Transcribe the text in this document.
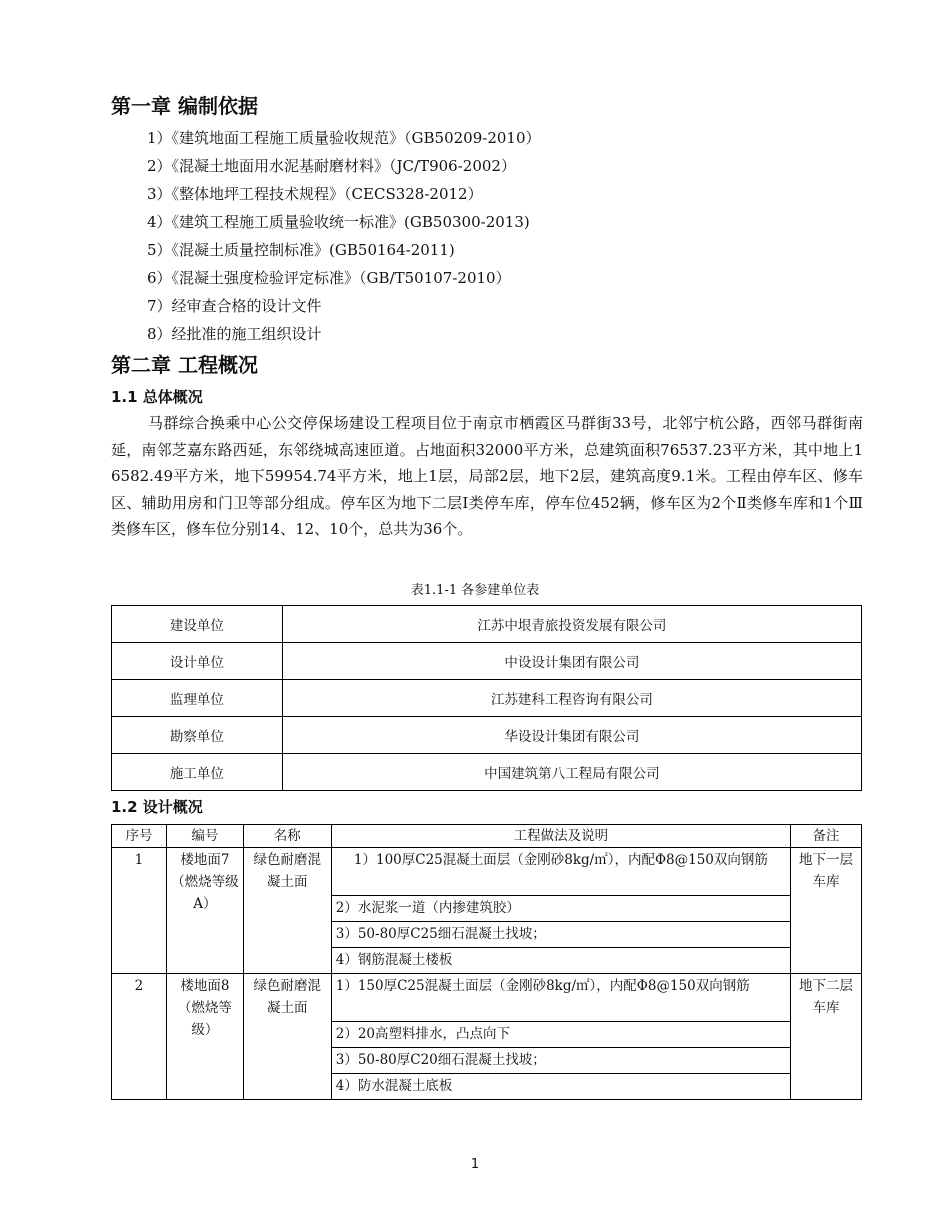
第一章 编制依据
1）《建筑地面工程施工质量验收规范》（GB50209-2010）
2）《混凝土地面用水泥基耐磨材料》（JC/T906-2002）
3）《整体地坪工程技术规程》（CECS328-2012）
4）《建筑工程施工质量验收统一标准》(GB50300-2013)
5）《混凝土质量控制标准》(GB50164-2011)
6）《混凝土强度检验评定标准》（GB/T50107-2010）
7）经审查合格的设计文件
8）经批准的施工组织设计
第二章 工程概况
1.1 总体概况

马群综合换乘中心公交停保场建设工程项目位于南京市栖霞区马群街33号，北邻宁杭公路，西邻马群街南延，南邻芝嘉东路西延，东邻绕城高速匝道。占地面积32000平方米，总建筑面积76537.23平方米，其中地上16582.49平方米，地下59954.74平方米，地上1层，局部2层，地下2层，建筑高度9.1米。工程由停车区、修车区、辅助用房和门卫等部分组成。停车区为地下二层Ⅰ类停车库，停车位452辆，修车区为2个Ⅱ类修车库和1个Ⅲ类修车区，修车位分别14、12、10个，总共为36个。

表1.1-1 各参建单位表
建设单位	江苏中垠青旅投资发展有限公司
设计单位	中设设计集团有限公司
监理单位	江苏建科工程咨询有限公司
勘察单位	华设设计集团有限公司
施工单位	中国建筑第八工程局有限公司
1.2 设计概况
序号	编号	名称	工程做法及说明	备注
1	楼地面7（燃烧等级A）	绿色耐磨混凝土面	1）100厚C25混凝土面层（金刚砂8kg/㎡），内配Φ8@150双向钢筋	地下一层车库
			2）水泥浆一道（内掺建筑胶）	
			3）50-80厚C25细石混凝土找坡；	
			4）钢筋混凝土楼板	
2	楼地面8（燃烧等级）	绿色耐磨混凝土面	1）150厚C25混凝土面层（金刚砂8kg/㎡），内配Φ8@150双向钢筋	地下二层车库
			2）20高塑料排水，凸点向下	
			3）50-80厚C20细石混凝土找坡；	
			4）防水混凝土底板	
1
